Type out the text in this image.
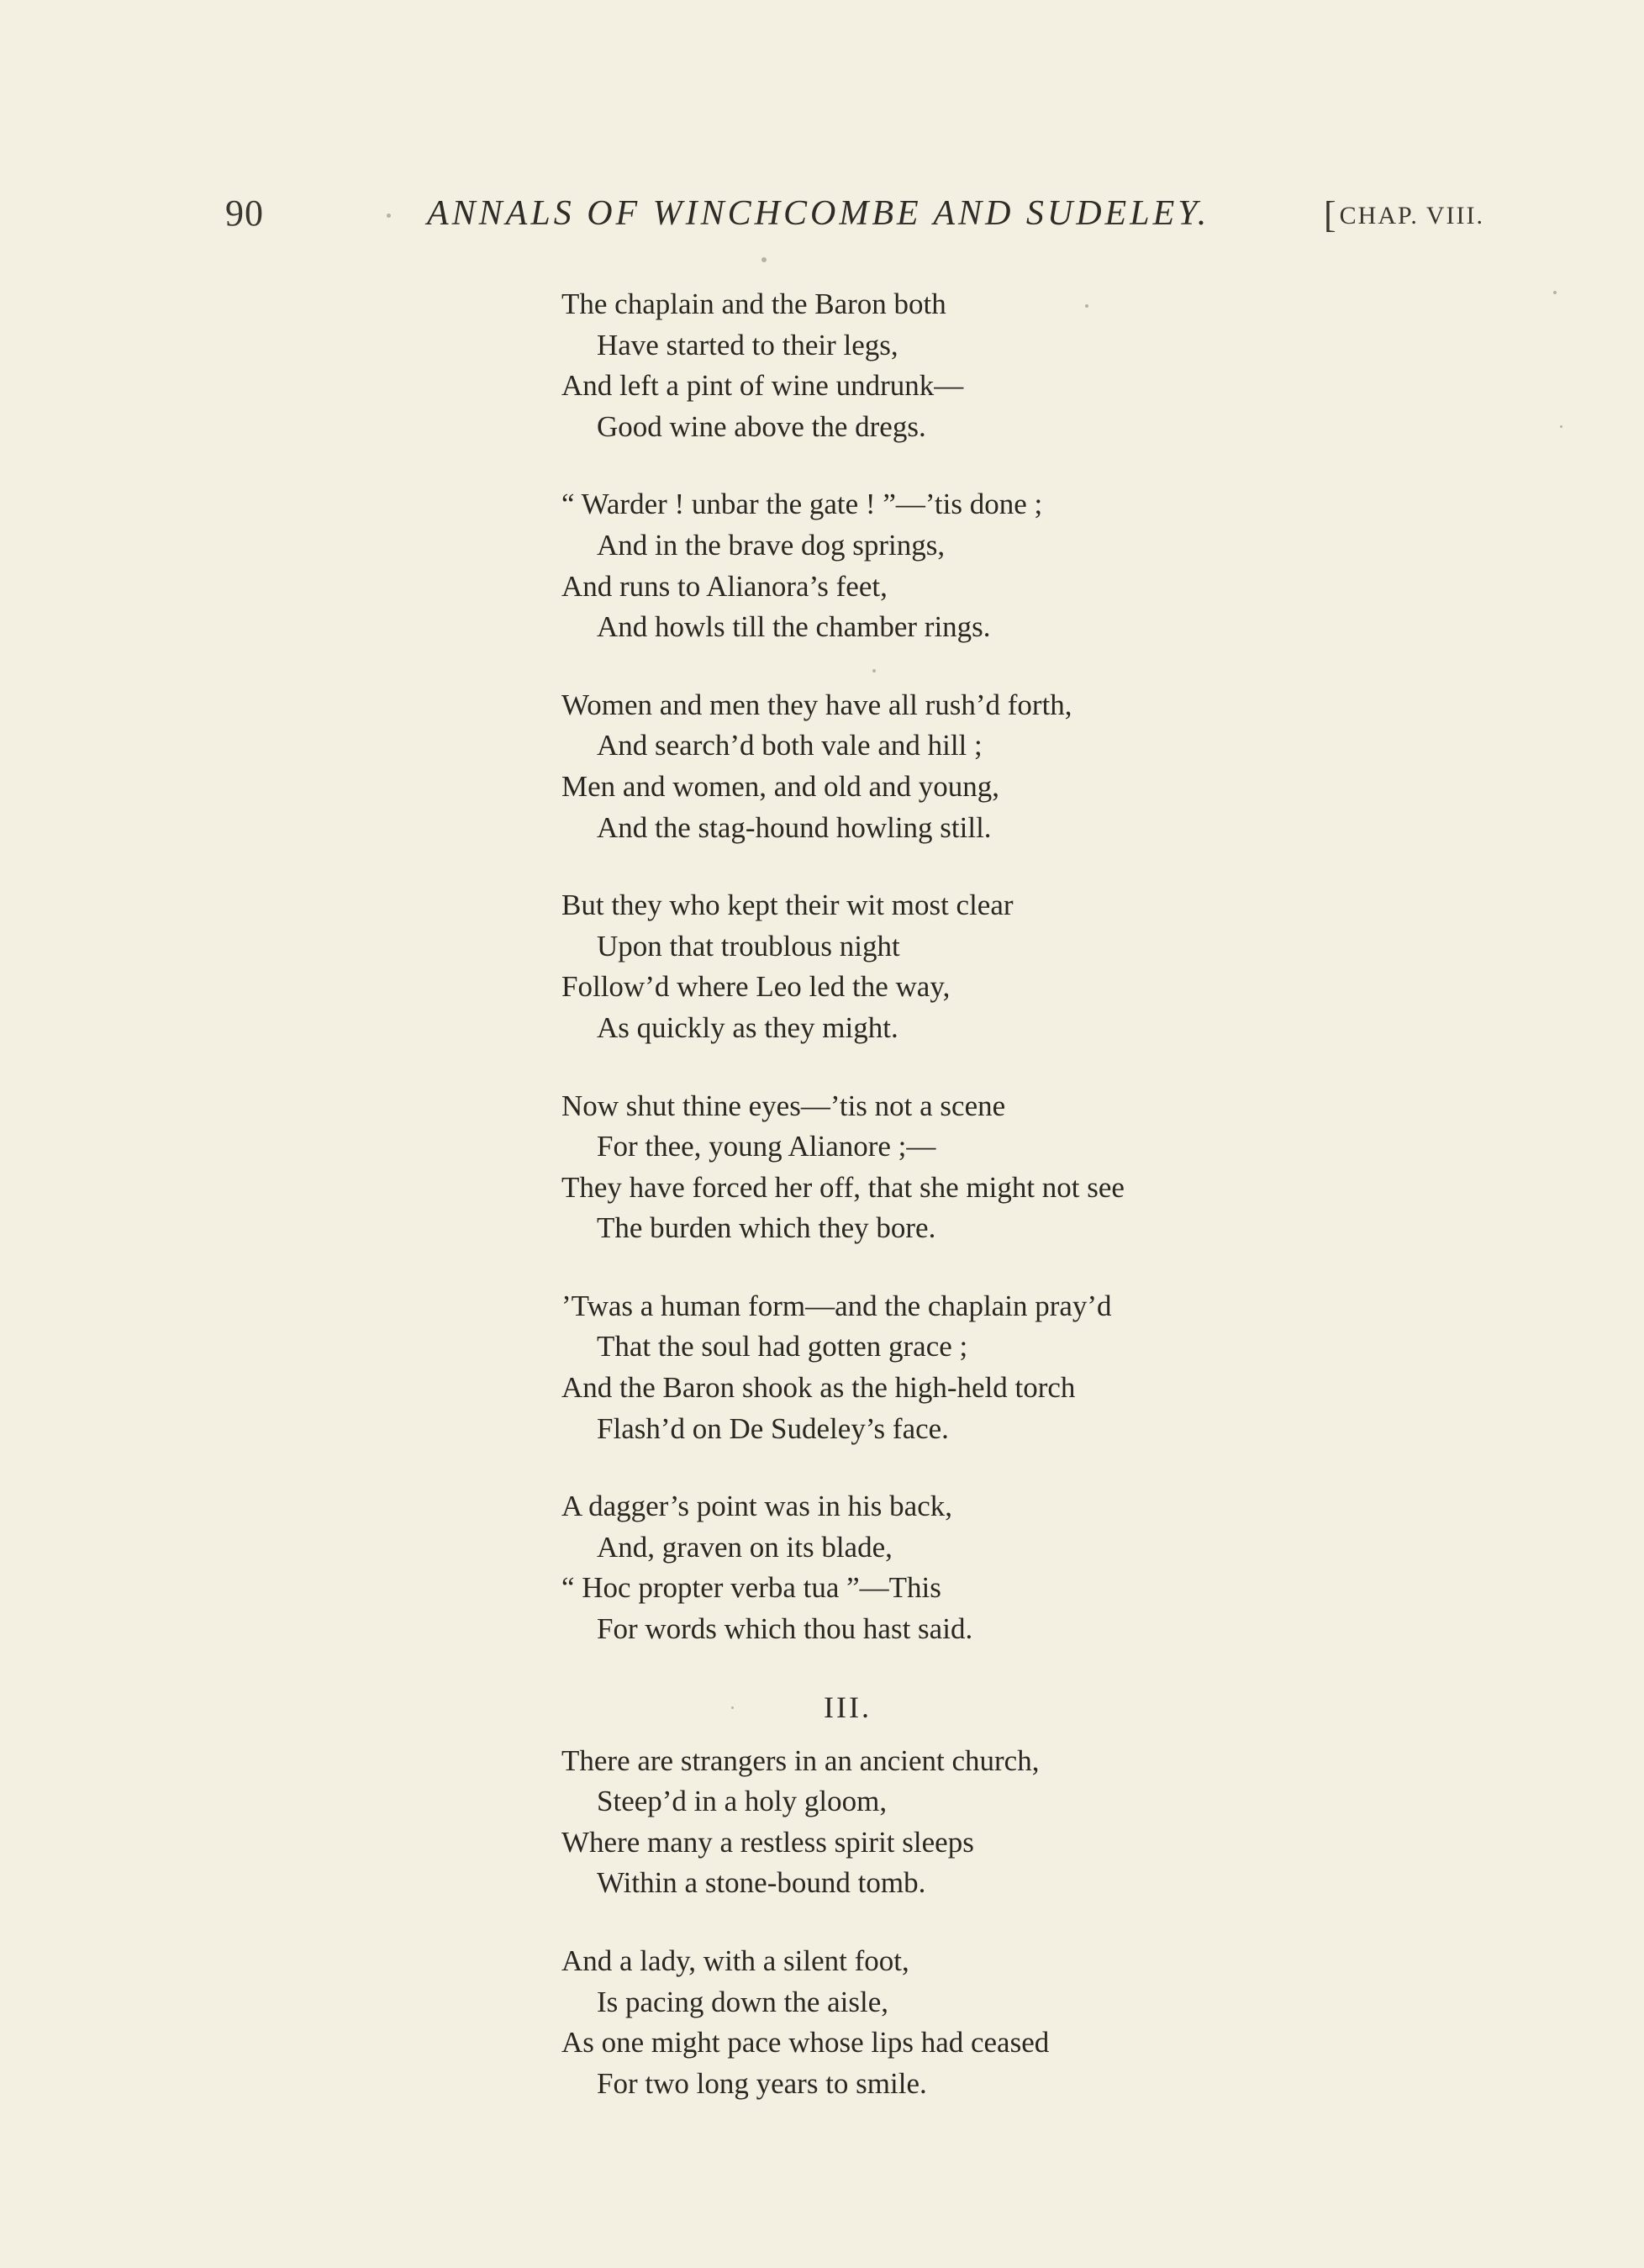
90	ANNALS OF WINCHCOMBE AND SUDELEY.	[CHAP. VIII.
The chaplain and the Baron both
Have started to their legs,
And left a pint of wine undrunk—
Good wine above the dregs.
“ Warder ! unbar the gate ! ”—’tis done ;
And in the brave dog springs,
And runs to Alianora’s feet,
And howls till the chamber rings.
Women and men they have all rush’d forth,
And search’d both vale and hill ;
Men and women, and old and young,
And the stag-hound howling still.
But they who kept their wit most clear
Upon that troublous night
Follow’d where Leo led the way,
As quickly as they might.
Now shut thine eyes—’tis not a scene
For thee, young Alianore ;—
They have forced her off, that she might not see
The burden which they bore.
’Twas a human form—and the chaplain pray’d
That the soul had gotten grace ;
And the Baron shook as the high-held torch
Flash’d on De Sudeley’s face.
A dagger’s point was in his back,
And, graven on its blade,
“ Hoc propter verba tua ”—This
For words which thou hast said.
III.
There are strangers in an ancient church,
Steep’d in a holy gloom,
Where many a restless spirit sleeps
Within a stone-bound tomb.
And a lady, with a silent foot,
Is pacing down the aisle,
As one might pace whose lips had ceased
For two long years to smile.
